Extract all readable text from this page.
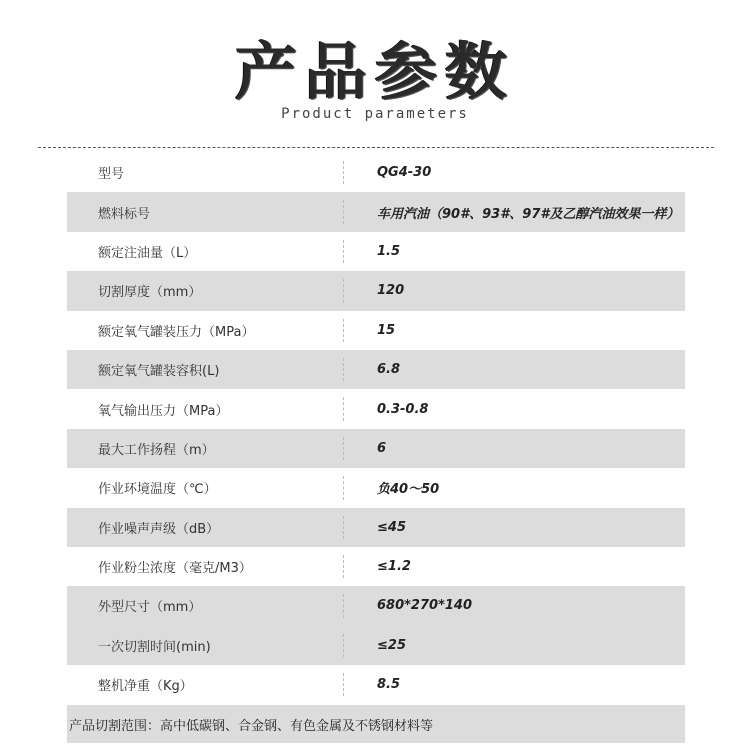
产品参数
Product parameters
型号	QG4-30
燃料标号	车用汽油（90#、93#、97#及乙醇汽油效果一样）
额定注油量（L）	1.5
切割厚度（mm）	120
额定氧气罐装压力（MPa）	15
额定氧气罐装容积(L)	6.8
氧气输出压力（MPa）	0.3-0.8
最大工作扬程（m）	6
作业环境温度（℃）	负40～50
作业噪声声级（dB）	≤45
作业粉尘浓度（毫克/M3）	≤1.2
外型尺寸（mm）	680*270*140
一次切割时间(min)	≤25
整机净重（Kg）	8.5
产品切割范围：高中低碳钢、合金钢、有色金属及不锈钢材料等
